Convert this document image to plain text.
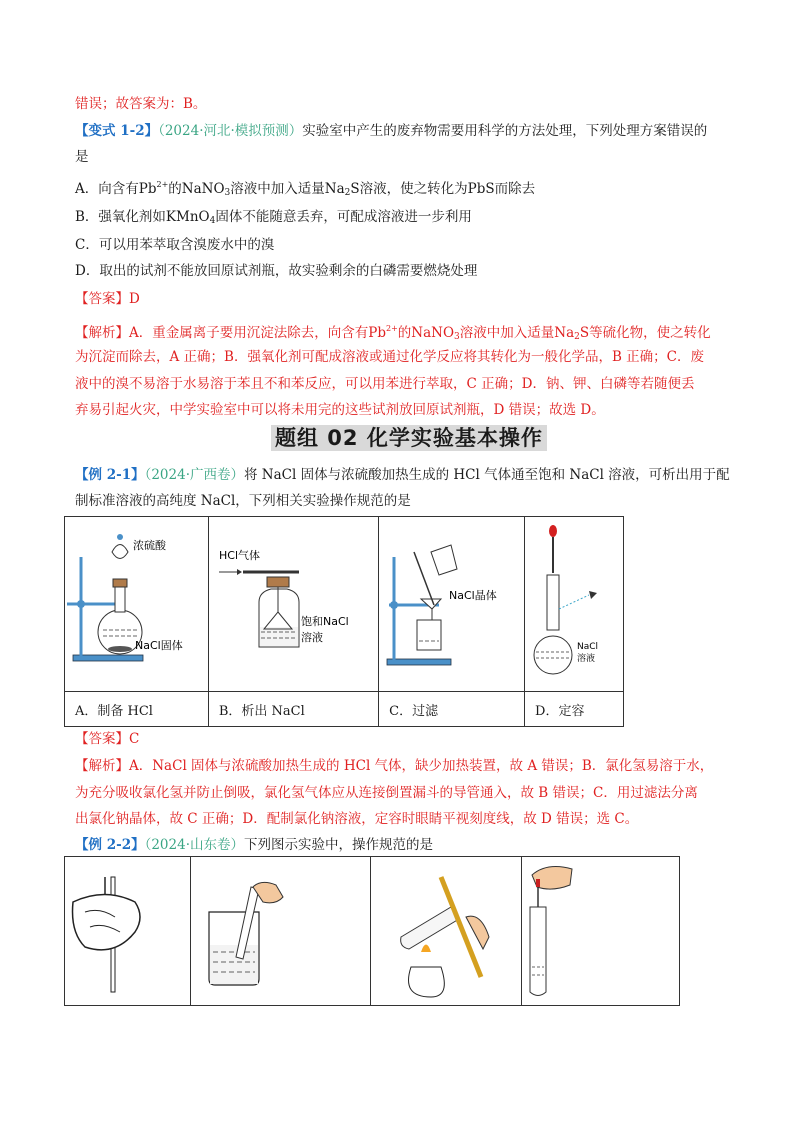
错误；故答案为：B。
【变式 1-2】（2024·河北·模拟预测）实验室中产生的废弃物需要用科学的方法处理，下列处理方案错误的
是
A．向含有$Pb^{2+}$的NaNO$_3$溶液中加入适量$Na_2S$溶液，使之转化为PbS而除去
B．强氧化剂如KMnO$_4$固体不能随意丢弃，可配成溶液进一步利用
C．可以用苯萃取含溴废水中的溴
D．取出的试剂不能放回原试剂瓶，故实验剩余的白磷需要燃烧处理
【答案】D
【解析】A．重金属离子要用沉淀法除去，向含有$Pb^{2+}$的NaNO$_3$溶液中加入适量$Na_2S$等硫化物，使之转化
为沉淀而除去，A 正确；B．强氧化剂可配成溶液或通过化学反应将其转化为一般化学品，B 正确；C．废
液中的溴不易溶于水易溶于苯且不和苯反应，可以用苯进行萃取，C 正确；D．钠、钾、白磷等若随便丢
弃易引起火灾，中学实验室中可以将未用完的这些试剂放回原试剂瓶，D 错误；故选 D。
题组 02 化学实验基本操作
【例 2-1】（2024·广西卷）将 NaCl 固体与浓硫酸加热生成的 HCl 气体通至饱和 NaCl 溶液，可析出用于配
制标准溶液的高纯度 NaCl，下列相关实验操作规范的是
浓硫酸
NaCl固体	HCl气体
饱和NaCl
溶液	NaCl晶体	NaCl
溶液

A．制备 HCl	B．析出 NaCl	C．过滤	D．定容
【答案】C
【解析】A．NaCl 固体与浓硫酸加热生成的 HCl 气体，缺少加热装置，故 A 错误；B．氯化氢易溶于水，
为充分吸收氯化氢并防止倒吸，氯化氢气体应从连接倒置漏斗的导管通入，故 B 错误；C．用过滤法分离
出氯化钠晶体，故 C 正确；D．配制氯化钠溶液，定容时眼睛平视刻度线，故 D 错误；选 C。
【例 2-2】（2024·山东卷）下列图示实验中，操作规范的是
